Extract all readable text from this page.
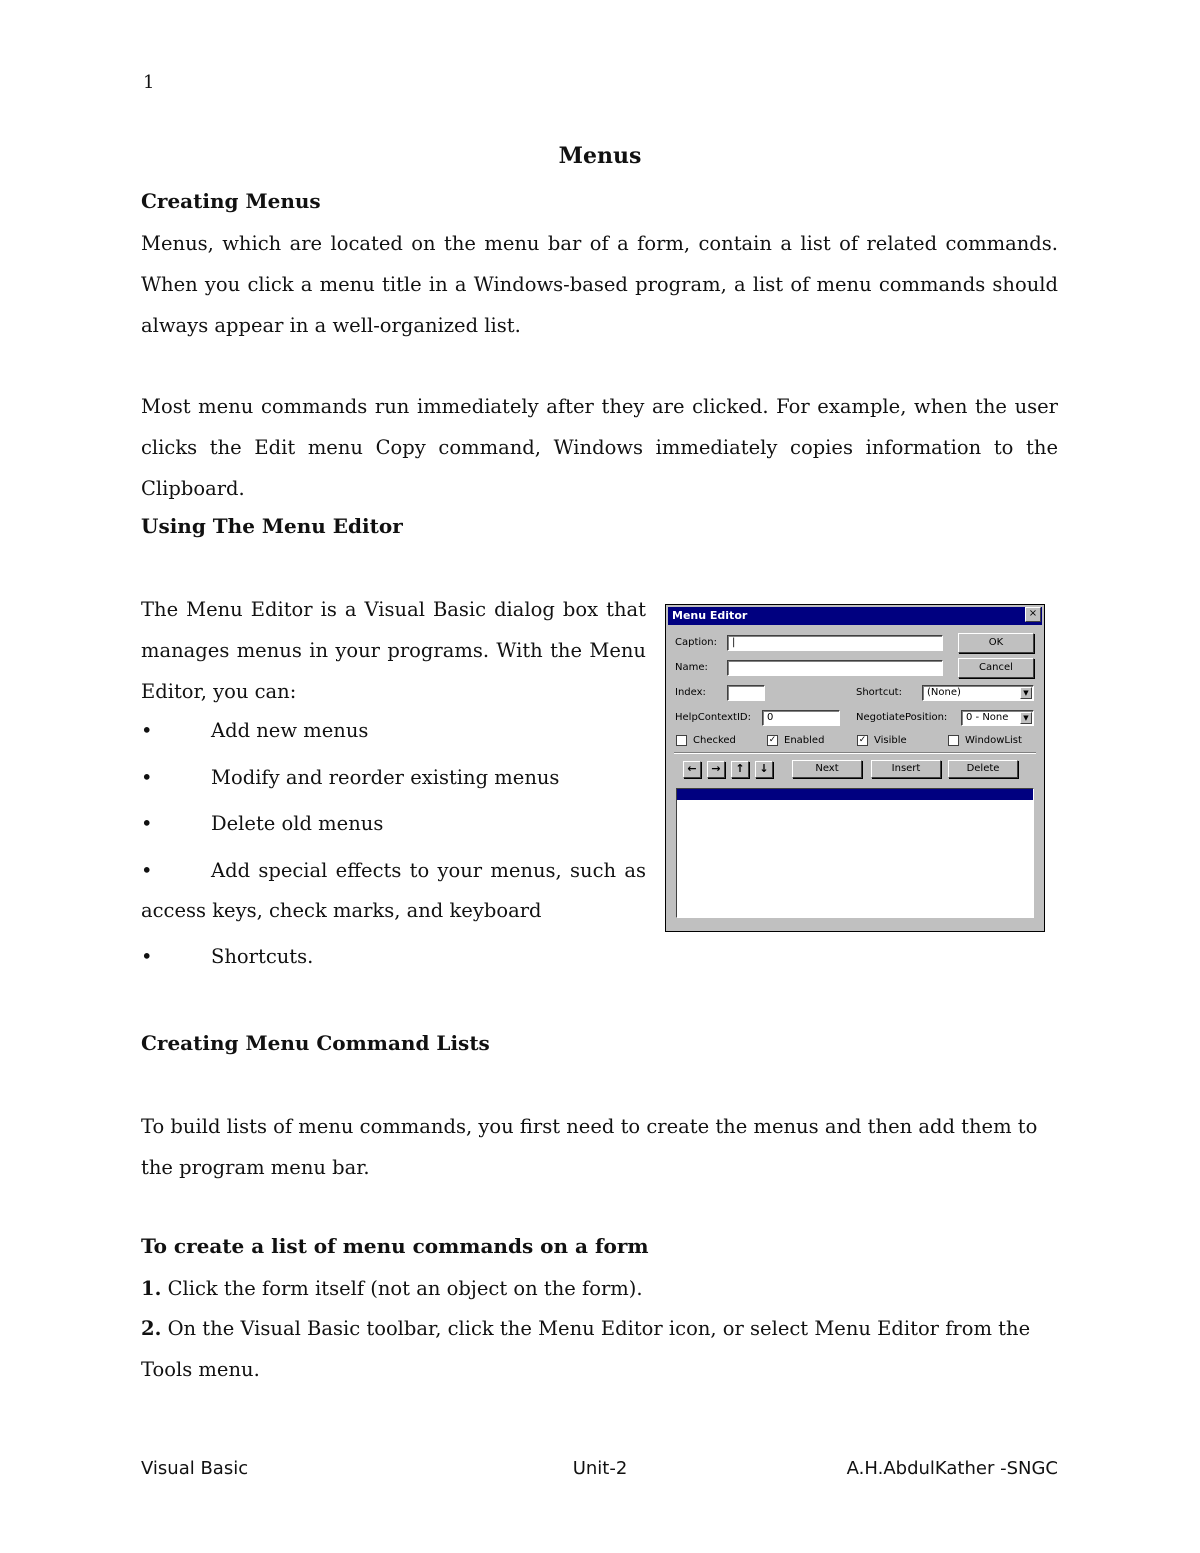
1
Menus
Creating Menus
Menus, which are located on the menu bar of a form, contain a list of related commands. When you click a menu title in a Windows-based program, a list of menu commands should always appear in a well-organized list.
Most menu commands run immediately after they are clicked. For example, when the user clicks the Edit menu Copy command, Windows immediately copies information to the Clipboard.
Using The Menu Editor
The Menu Editor is a Visual Basic dialog box that manages menus in your programs. With the Menu Editor, you can:
•	Add new menus
•	Modify and reorder existing menus
•	Delete old menus
•	Add special effects to your menus, such as access keys, check marks, and keyboard
•	Shortcuts.
Menu Editor	×
Caption:	|	OK
Name:	Cancel
Index:	Shortcut:	(None)	▼
HelpContextID:	0	NegotiatePosition:	0 - None	▼
Checked	✓ Enabled	✓ Visible	WindowList
←	→	↑	↓	Next	Insert	Delete
Creating Menu Command Lists
To build lists of menu commands, you first need to create the menus and then add them to the program menu bar.
To create a list of menu commands on a form
1. Click the form itself (not an object on the form).
2. On the Visual Basic toolbar, click the Menu Editor icon, or select Menu Editor from the Tools menu.
Visual Basic	Unit-2	A.H.AbdulKather -SNGC
